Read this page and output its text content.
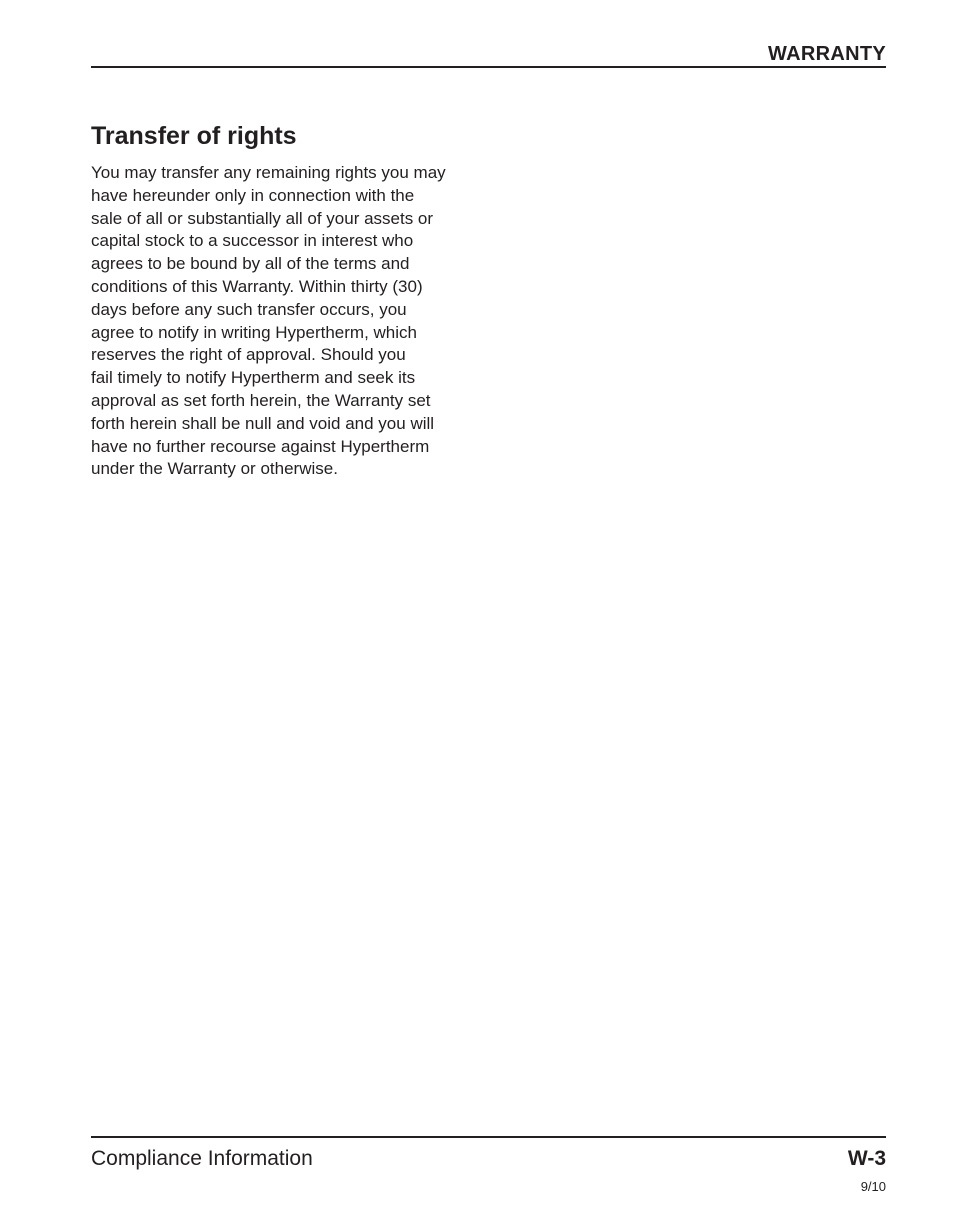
WARRANTY
Transfer of rights

You may transfer any remaining rights you may
have hereunder only in connection with the
sale of all or substantially all of your assets or
capital stock to a successor in interest who
agrees to be bound by all of the terms and
conditions of this Warranty. Within thirty (30)
days before any such transfer occurs, you
agree to notify in writing Hypertherm, which
reserves the right of approval. Should you
fail timely to notify Hypertherm and seek its
approval as set forth herein, the Warranty set
forth herein shall be null and void and you will
have no further recourse against Hypertherm
under the Warranty or otherwise.

Compliance Information	W-3
9/10
